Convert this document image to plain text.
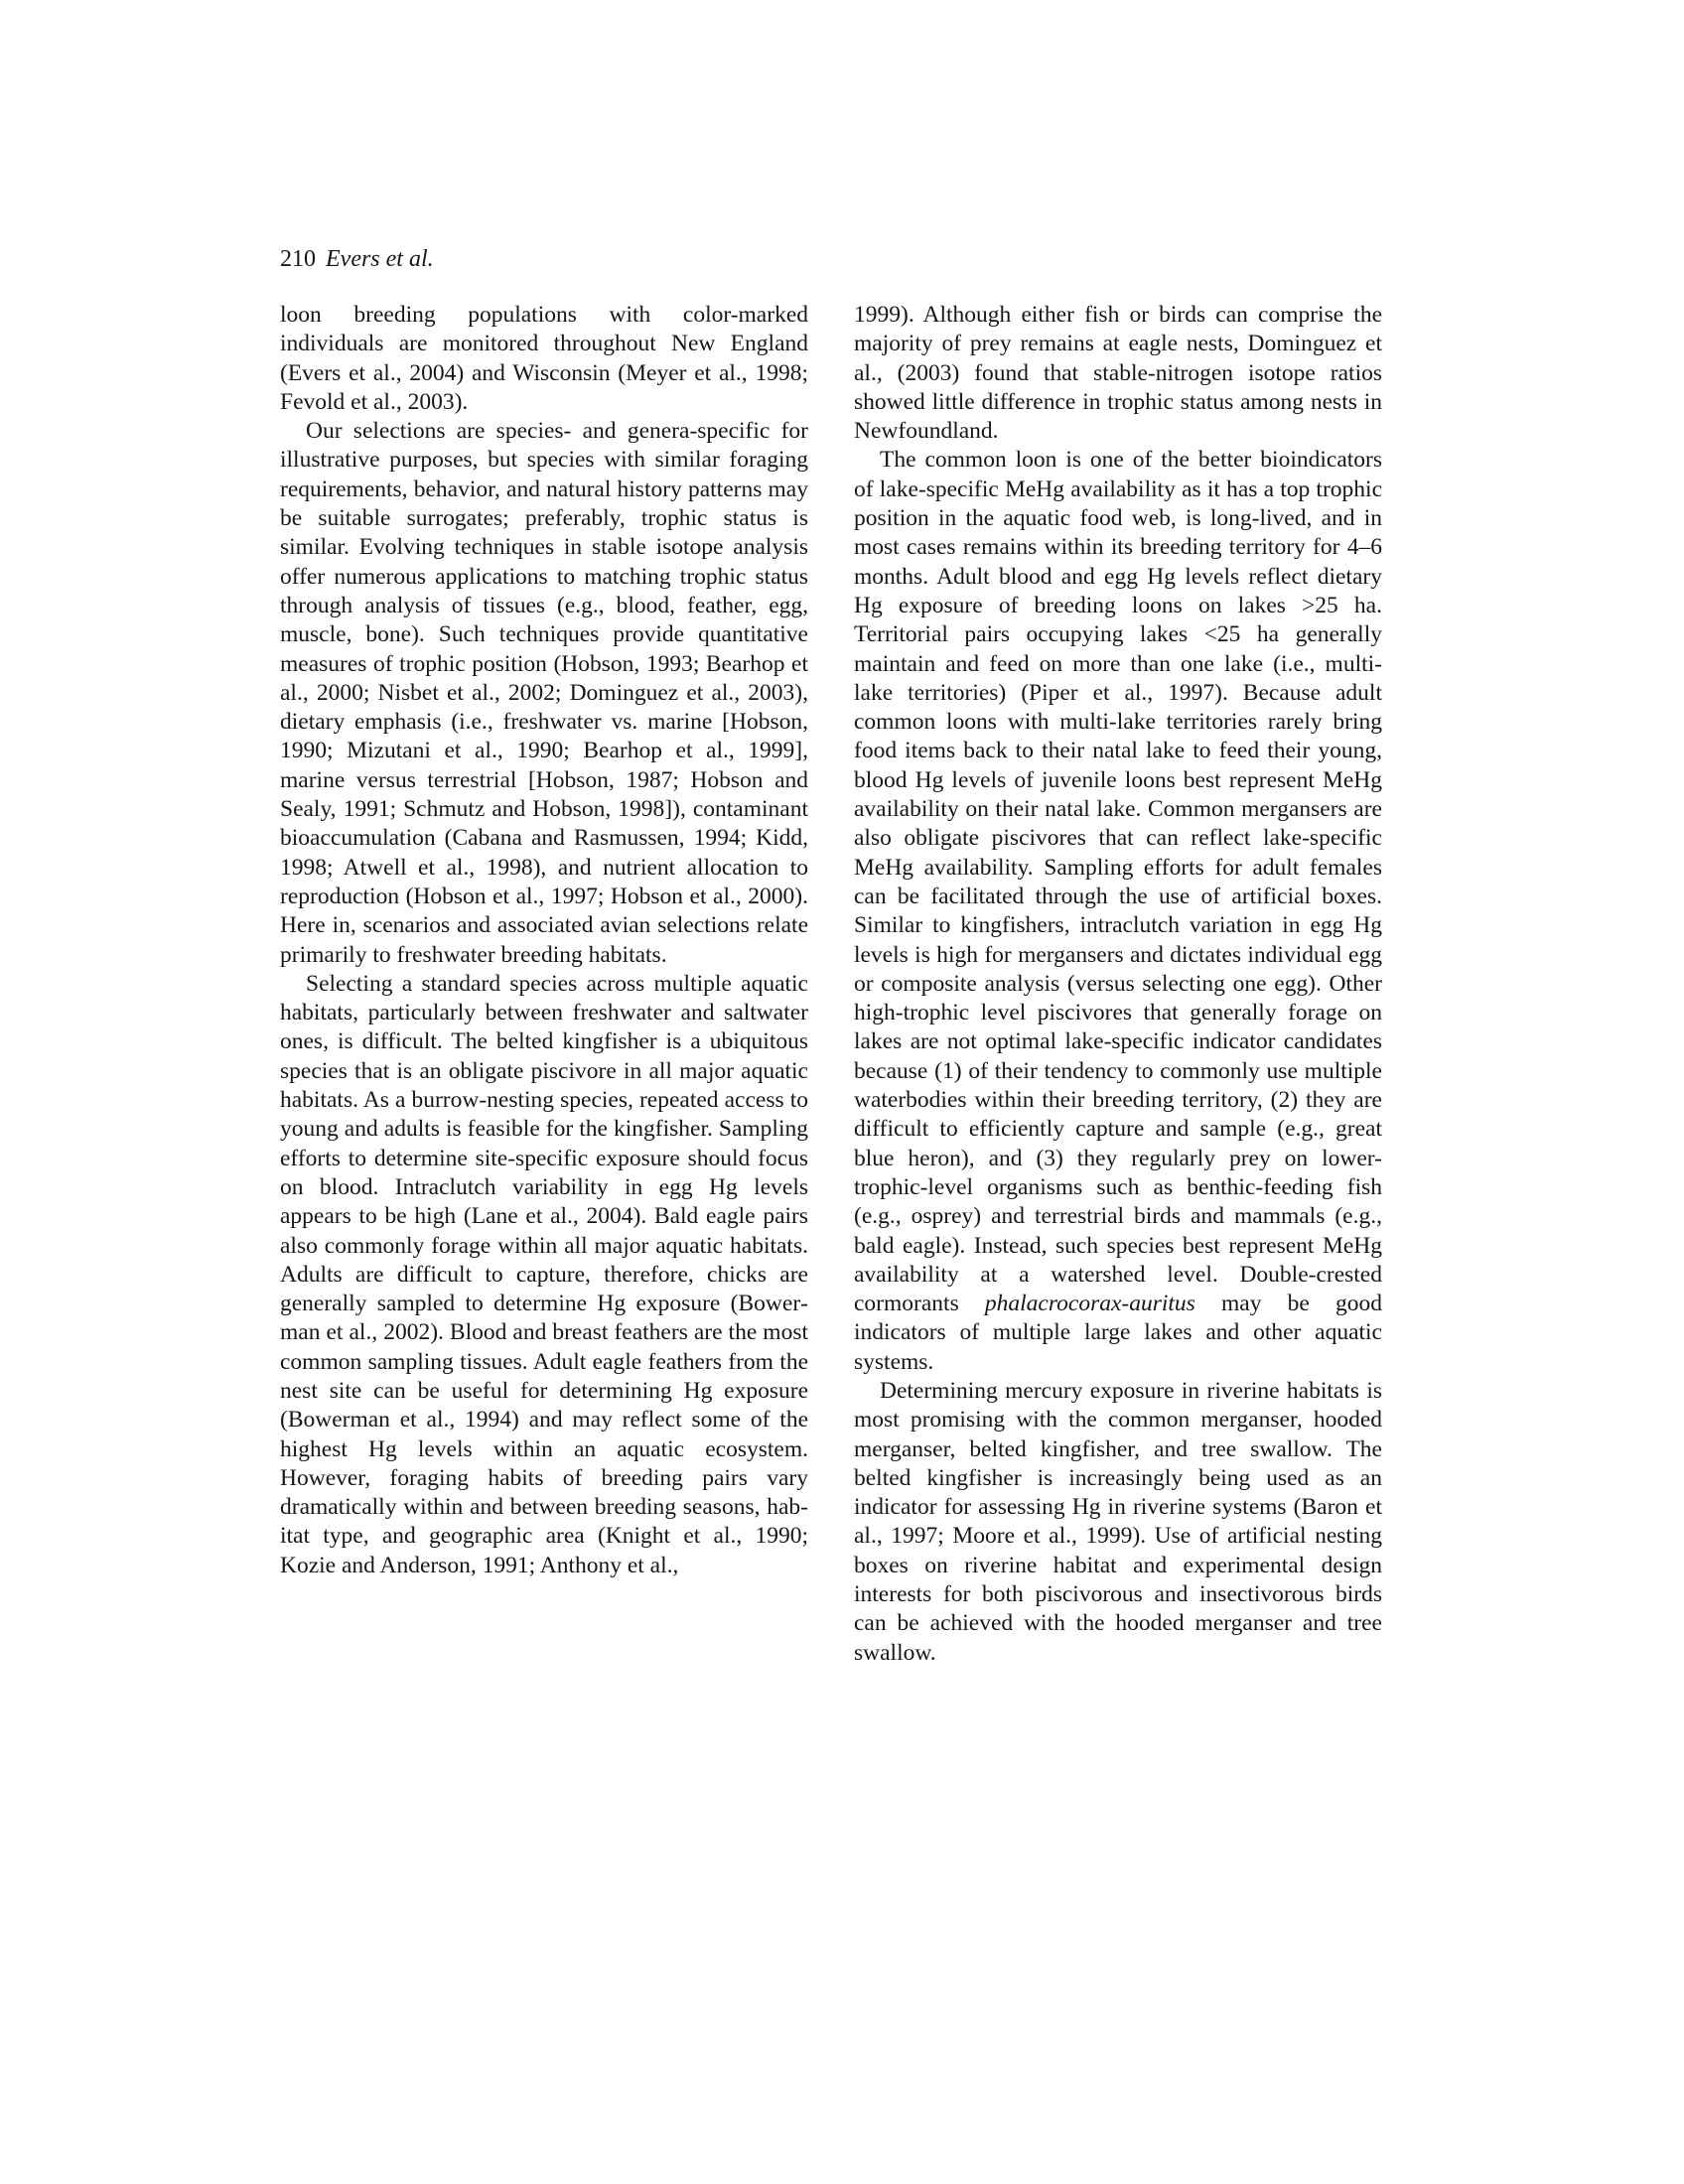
210 Evers et al.

loon breeding populations with color-marked individuals are monitored throughout New England (Evers et al., 2004) and Wisconsin (Meyer et al., 1998; Fevold et al., 2003).

Our selections are species- and genera-specific for illustrative purposes, but species with similar foraging requirements, behavior, and natural history patterns may be suitable surrogates; preferably, trophic status is similar. Evolving techniques in stable isotope analysis offer numerous applications to matching trophic status through analysis of tissues (e.g., blood, feather, egg, muscle, bone). Such techniques provide quantitative measures of trophic position (Hobson, 1993; Bearhop et al., 2000; Nisbet et al., 2002; Dominguez et al., 2003), dietary emphasis (i.e., freshwater vs. marine [Hobson, 1990; Mizutani et al., 1990; Bearhop et al., 1999], marine versus terrestrial [Hobson, 1987; Hobson and Sealy, 1991; Schmutz and Hobson, 1998]), contaminant bioaccumulation (Cabana and Rasmussen, 1994; Kidd, 1998; Atwell et al., 1998), and nutrient allocation to reproduction (Hobson et al., 1997; Hobson et al., 2000). Here in, scenarios and associated avian selections relate primarily to freshwater breeding habitats.

Selecting a standard species across multiple aquatic habitats, particularly between freshwater and saltwater ones, is difficult. The belted kingfisher is a ubiquitous species that is an obligate piscivore in all major aquatic habitats. As a burrow-nesting species, repeated access to young and adults is feasible for the kingfisher. Sampling efforts to determine site-specific exposure should focus on blood. Intraclutch variability in egg Hg levels appears to be high (Lane et al., 2004). Bald eagle pairs also commonly forage within all major aquatic habitats. Adults are difficult to capture, therefore, chicks are generally sampled to determine Hg exposure (Bowerman et al., 2002). Blood and breast feathers are the most common sampling tissues. Adult eagle feathers from the nest site can be useful for determining Hg exposure (Bowerman et al., 1994) and may reflect some of the highest Hg levels within an aquatic ecosystem. However, foraging habits of breeding pairs vary dramatically within and between breeding seasons, habitat type, and geographic area (Knight et al., 1990; Kozie and Anderson, 1991; Anthony et al.,

1999). Although either fish or birds can comprise the majority of prey remains at eagle nests, Dominguez et al., (2003) found that stable-nitrogen isotope ratios showed little difference in trophic status among nests in Newfoundland.

The common loon is one of the better bioindicators of lake-specific MeHg availability as it has a top trophic position in the aquatic food web, is long-lived, and in most cases remains within its breeding territory for 4–6 months. Adult blood and egg Hg levels reflect dietary Hg exposure of breeding loons on lakes >25 ha. Territorial pairs occupying lakes <25 ha generally maintain and feed on more than one lake (i.e., multi-lake territories) (Piper et al., 1997). Because adult common loons with multi-lake territories rarely bring food items back to their natal lake to feed their young, blood Hg levels of juvenile loons best represent MeHg availability on their natal lake. Common mergansers are also obligate piscivores that can reflect lake-specific MeHg availability. Sampling efforts for adult females can be facilitated through the use of artificial boxes. Similar to kingfishers, intraclutch variation in egg Hg levels is high for mergansers and dictates individual egg or composite analysis (versus selecting one egg). Other high-trophic level piscivores that generally forage on lakes are not optimal lake-specific indicator candidates because (1) of their tendency to commonly use multiple waterbodies within their breeding territory, (2) they are difficult to efficiently capture and sample (e.g., great blue heron), and (3) they regularly prey on lower-trophic-level organisms such as benthic-feeding fish (e.g., osprey) and terrestrial birds and mammals (e.g., bald eagle). Instead, such species best represent MeHg availability at a watershed level. Double-crested cormorants phalacrocorax-auritus may be good indicators of multiple large lakes and other aquatic systems.

Determining mercury exposure in riverine habitats is most promising with the common merganser, hooded merganser, belted kingfisher, and tree swallow. The belted kingfisher is increasingly being used as an indicator for assessing Hg in riverine systems (Baron et al., 1997; Moore et al., 1999). Use of artificial nesting boxes on riverine habitat and experimental design interests for both piscivorous and insectivorous birds can be achieved with the hooded merganser and tree swallow.
